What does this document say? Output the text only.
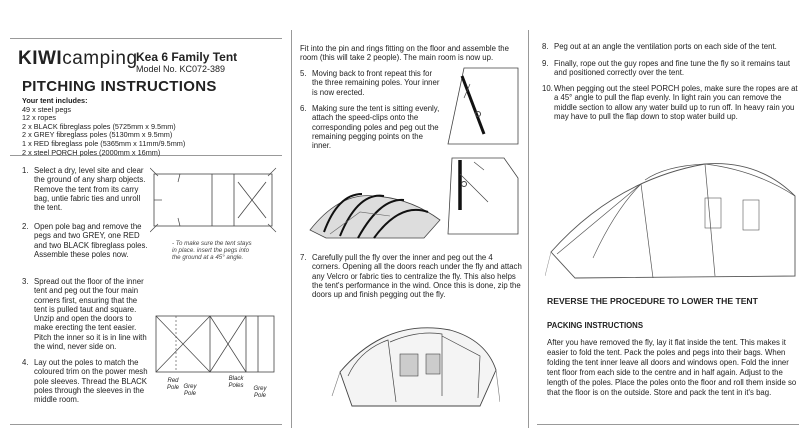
KIWIcamping
Kea 6 Family Tent
Model No. KC072-389
PITCHING INSTRUCTIONS
Your tent includes:
49 x steel pegs
12 x ropes
2 x BLACK fibreglass poles (5725mm x 9.5mm)
2 x GREY fibreglass poles (5130mm x 9.5mm)
1 x RED fibreglass pole (5365mm x 11mm/9.5mm)
2 x steel PORCH poles (2000mm x 16mm)
1. Select a dry, level site and clear the ground of any sharp objects. Remove the tent from its carry bag, untie fabric ties and unroll the tent.
2. Open pole bag and remove the pegs and two GREY, one RED and two BLACK fibreglass poles. Assemble these poles now.
3. Spread out the floor of the inner tent and peg out the four main corners first, ensuring that the tent is pulled taut and square. Unzip and open the doors to make erecting the tent easier. Pitch the inner so it is in line with the wind, never side on.
4. Lay out the poles to match the coloured trim on the power mesh pole sleeves. Thread the BLACK poles through the sleeves in the middle room.
- To make sure the tent stays in place. insert the pegs into the ground at a 45° angle.
Red Pole Grey Pole
Black Poles
Grey Pole
Fit into the pin and rings fitting on the floor and assemble the room (this will take 2 people). The main room is now up.
5. Moving back to front repeat this for the three remaining poles. Your inner is now erected.
6. Making sure the tent is sitting evenly, attach the speed-clips onto the corresponding poles and peg out the remaining pegging points on the inner.
7. Carefully pull the fly over the inner and peg out the 4 corners. Opening all the doors reach under the fly and attach any Velcro or fabric ties to centralize the fly. This also helps the tent's performance in the wind. Once this is done, zip the doors up and finish pegging out the fly.
8. Peg out at an angle the ventilation ports on each side of the tent.
9. Finally, rope out the guy ropes and fine tune the fly so it remains taut and positioned correctly over the tent.
10. When pegging out the steel PORCH poles, make sure the ropes are at a 45° angle to pull the flap evenly. In light rain you can remove the middle section to allow any water build up to run off. In heavy rain you may have to pull the flap down to stop water build up.
REVERSE THE PROCEDURE TO LOWER THE TENT
PACKING INSTRUCTIONS
After you have removed the fly, lay it flat inside the tent. This makes it easier to fold the tent. Pack the poles and pegs into their bags. When folding the tent inner leave all doors and windows open. Fold the inner tent floor from each side to the centre and in half again. Adjust to the length of the poles. Place the poles onto the floor and roll them inside so that the floor is on the outside. Store and pack the tent in it's bag.
